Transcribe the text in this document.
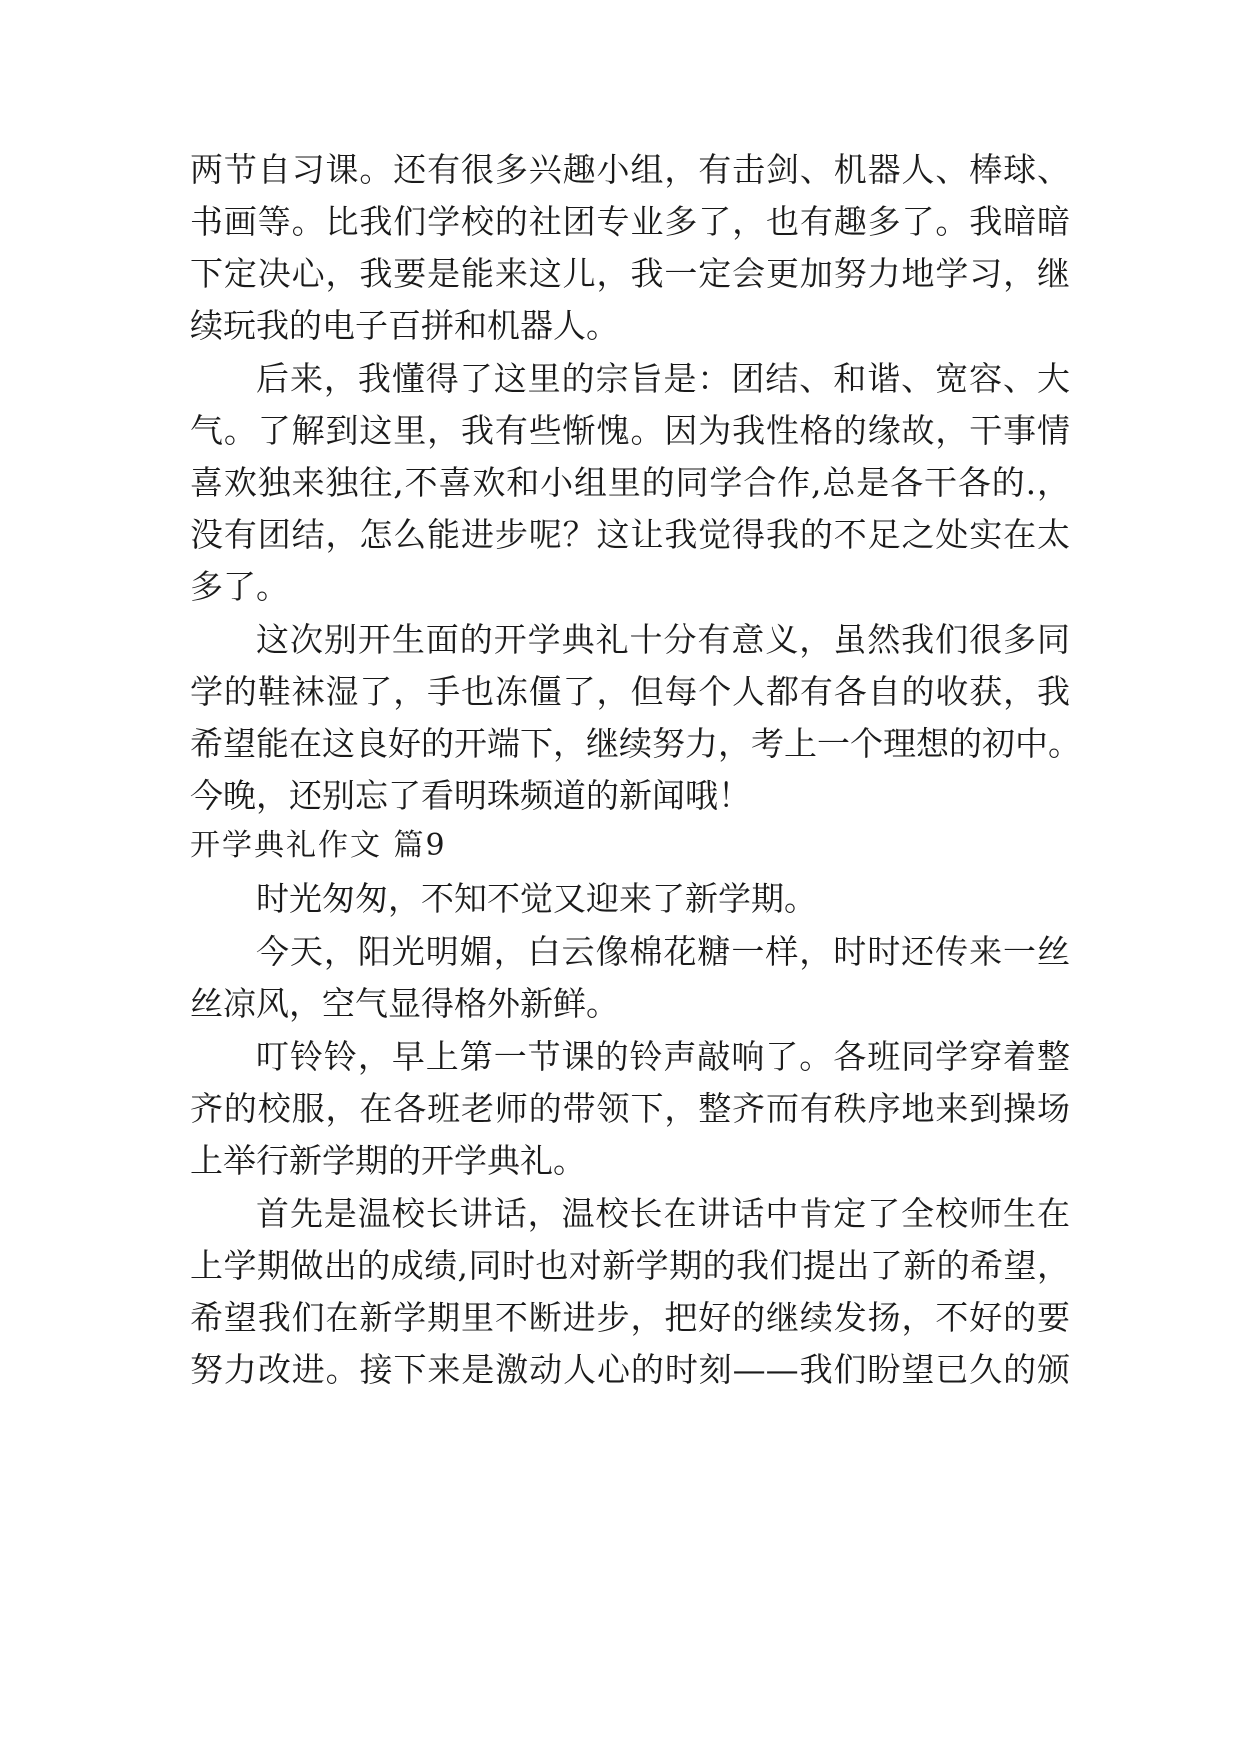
两节自习课。还有很多兴趣小组，有击剑、机器人、棒球、

书画等。比我们学校的社团专业多了，也有趣多了。我暗暗

下定决心，我要是能来这儿，我一定会更加努力地学习，继

续玩我的电子百拼和机器人。

后来，我懂得了这里的宗旨是：团结、和谐、宽容、大

气。了解到这里，我有些惭愧。因为我性格的缘故，干事情

喜欢独来独往,不喜欢和小组里的同学合作,总是各干各的.，

没有团结，怎么能进步呢？这让我觉得我的不足之处实在太

多了。

这次别开生面的开学典礼十分有意义，虽然我们很多同

学的鞋袜湿了，手也冻僵了，但每个人都有各自的收获，我

希望能在这良好的开端下，继续努力，考上一个理想的初中。

今晚，还别忘了看明珠频道的新闻哦！

开学典礼作文 篇9

时光匆匆，不知不觉又迎来了新学期。

今天，阳光明媚，白云像棉花糖一样，时时还传来一丝

丝凉风，空气显得格外新鲜。

叮铃铃，早上第一节课的铃声敲响了。各班同学穿着整

齐的校服，在各班老师的带领下，整齐而有秩序地来到操场

上举行新学期的开学典礼。

首先是温校长讲话，温校长在讲话中肯定了全校师生在

上学期做出的成绩,同时也对新学期的我们提出了新的希望，

希望我们在新学期里不断进步，把好的继续发扬，不好的要

努力改进。接下来是激动人心的时刻——我们盼望已久的颁
